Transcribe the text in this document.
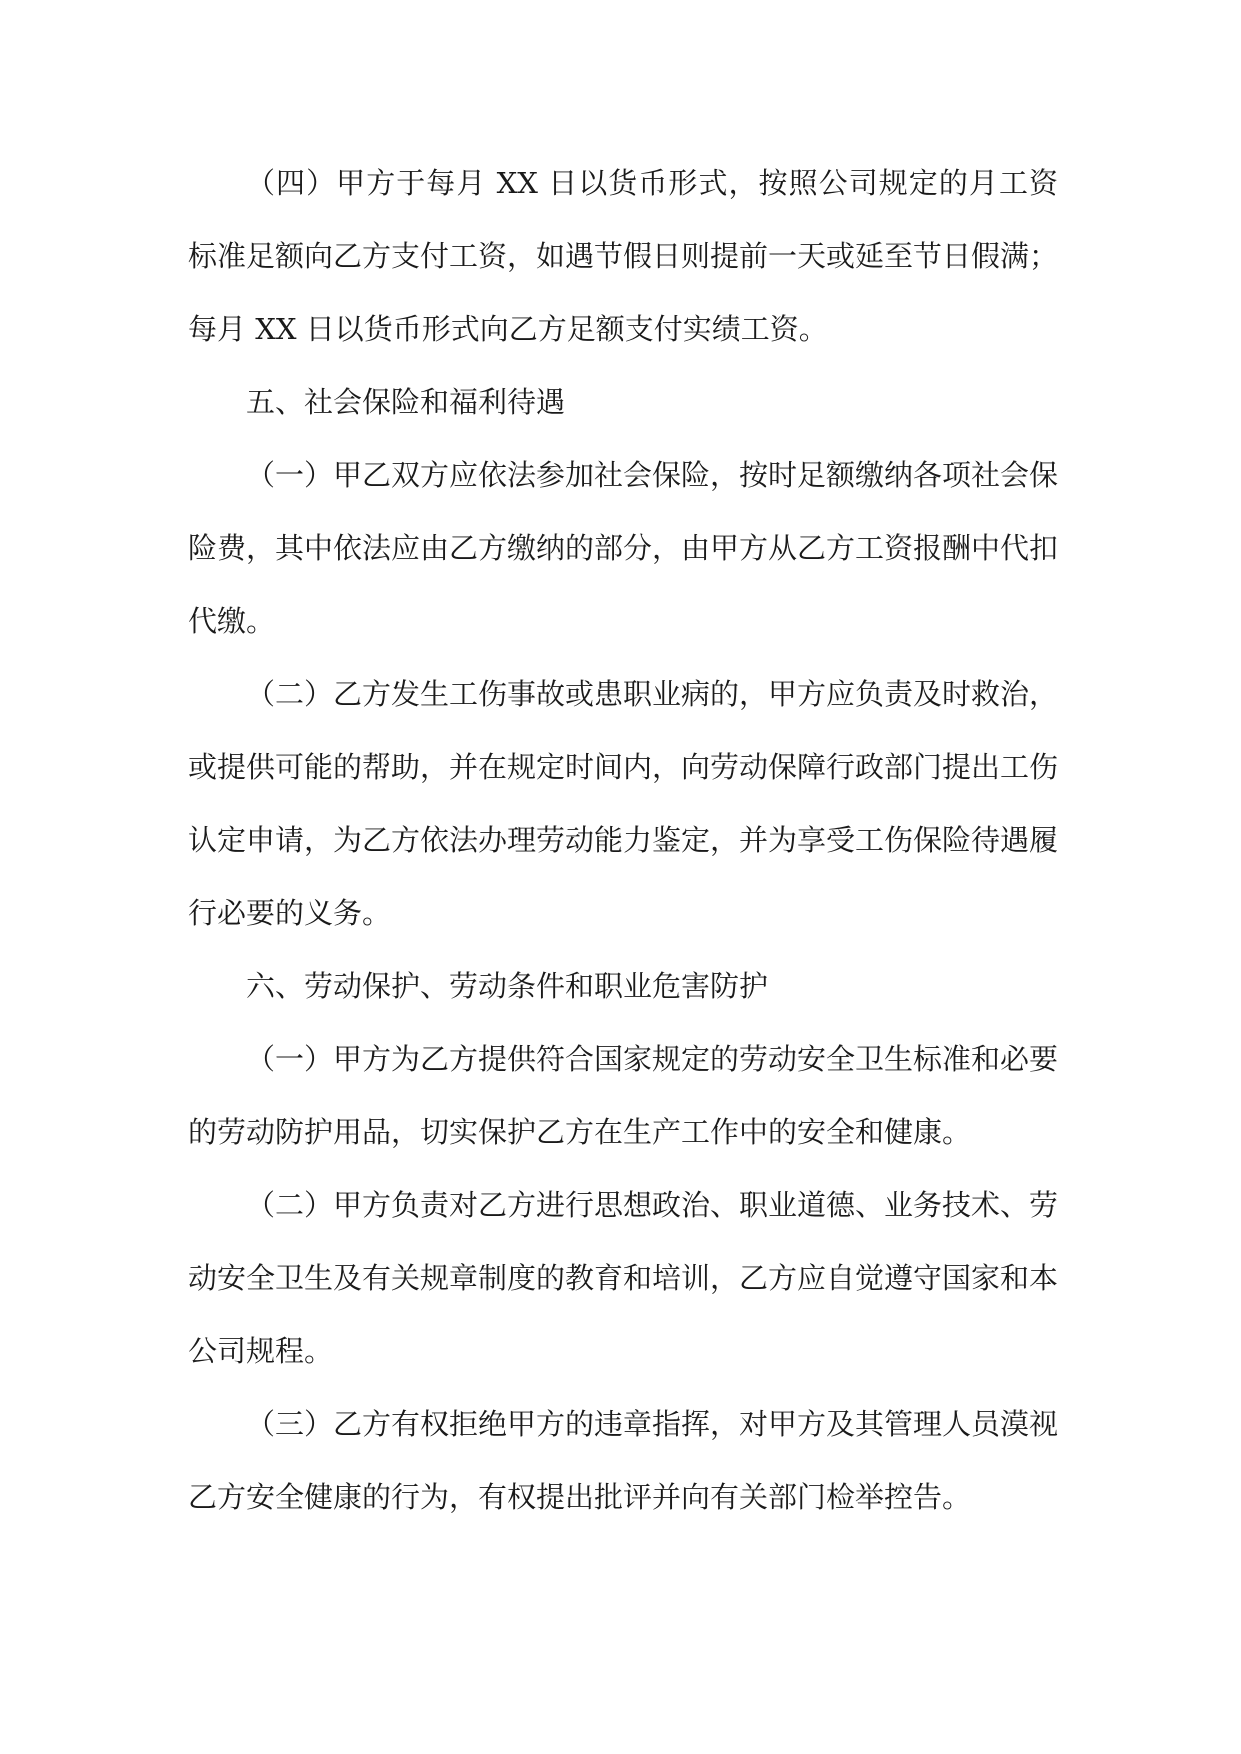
（四）甲方于每月 XX 日以货币形式，按照公司规定的月工资标准足额向乙方支付工资，如遇节假日则提前一天或延至节日假满；每月 XX 日以货币形式向乙方足额支付实绩工资。

五、社会保险和福利待遇

（一）甲乙双方应依法参加社会保险，按时足额缴纳各项社会保险费，其中依法应由乙方缴纳的部分，由甲方从乙方工资报酬中代扣代缴。

（二）乙方发生工伤事故或患职业病的，甲方应负责及时救治，或提供可能的帮助，并在规定时间内，向劳动保障行政部门提出工伤认定申请，为乙方依法办理劳动能力鉴定，并为享受工伤保险待遇履行必要的义务。

六、劳动保护、劳动条件和职业危害防护

（一）甲方为乙方提供符合国家规定的劳动安全卫生标准和必要的劳动防护用品，切实保护乙方在生产工作中的安全和健康。

（二）甲方负责对乙方进行思想政治、职业道德、业务技术、劳动安全卫生及有关规章制度的教育和培训，乙方应自觉遵守国家和本公司规程。

（三）乙方有权拒绝甲方的违章指挥，对甲方及其管理人员漠视乙方安全健康的行为，有权提出批评并向有关部门检举控告。
